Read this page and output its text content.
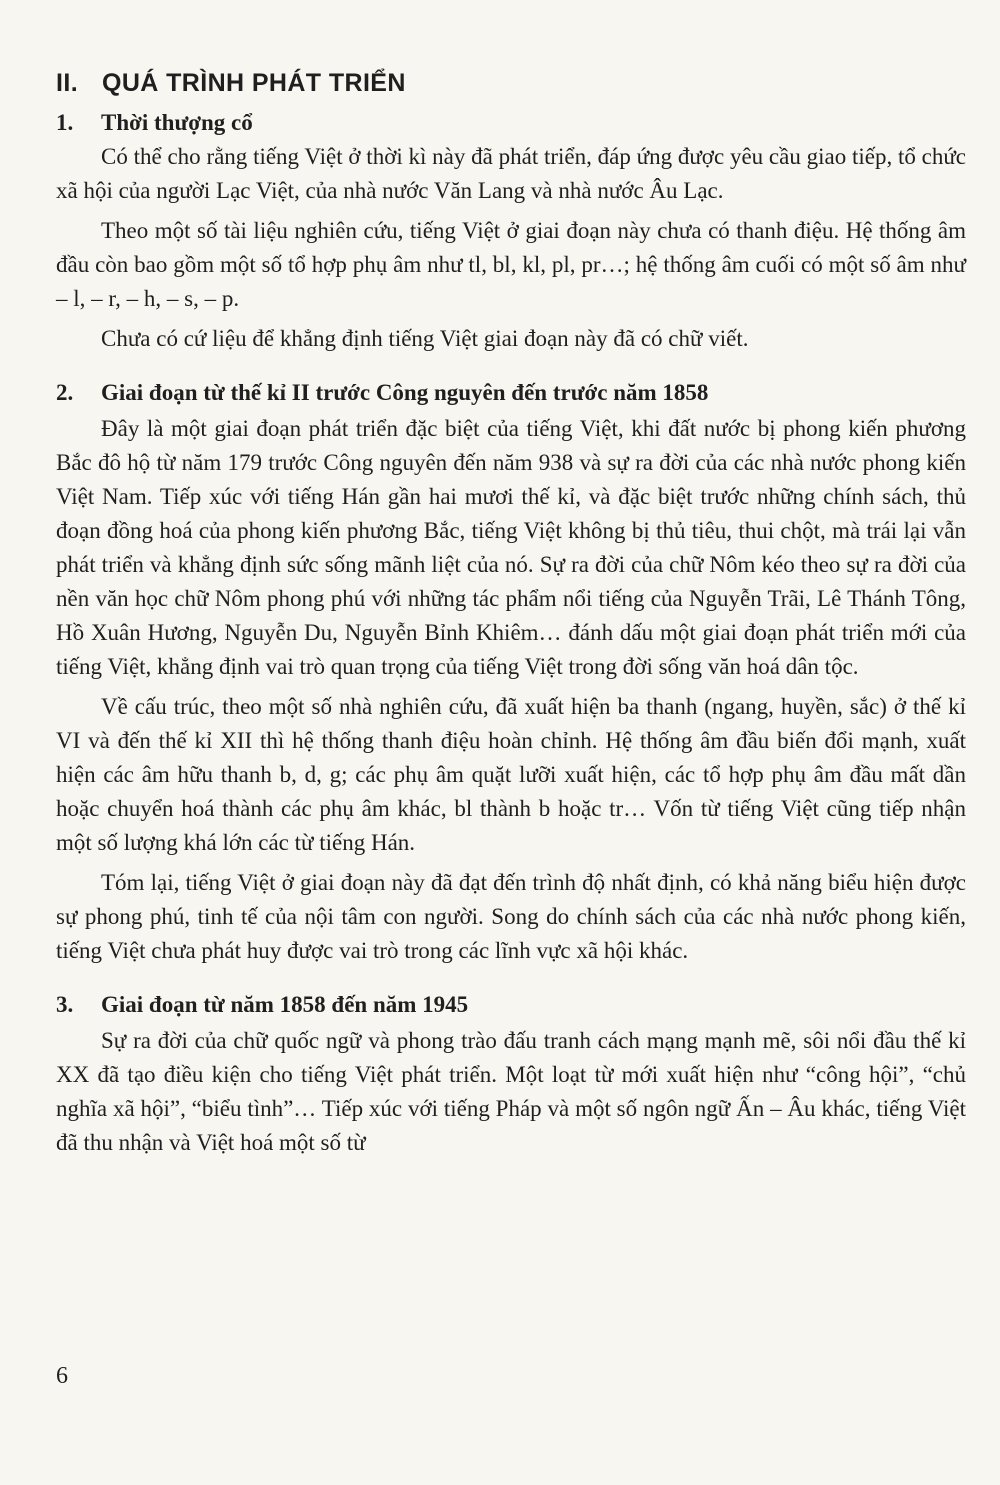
II. QUÁ TRÌNH PHÁT TRIỂN
1. Thời thượng cổ

Có thể cho rằng tiếng Việt ở thời kì này đã phát triển, đáp ứng được yêu cầu giao tiếp, tổ chức xã hội của người Lạc Việt, của nhà nước Văn Lang và nhà nước Âu Lạc.

Theo một số tài liệu nghiên cứu, tiếng Việt ở giai đoạn này chưa có thanh điệu. Hệ thống âm đầu còn bao gồm một số tổ hợp phụ âm như tl, bl, kl, pl, pr…; hệ thống âm cuối có một số âm như – l, – r, – h, – s, – p.

Chưa có cứ liệu để khẳng định tiếng Việt giai đoạn này đã có chữ viết.

2. Giai đoạn từ thế kỉ II trước Công nguyên đến trước năm 1858

Đây là một giai đoạn phát triển đặc biệt của tiếng Việt, khi đất nước bị phong kiến phương Bắc đô hộ từ năm 179 trước Công nguyên đến năm 938 và sự ra đời của các nhà nước phong kiến Việt Nam. Tiếp xúc với tiếng Hán gần hai mươi thế kỉ, và đặc biệt trước những chính sách, thủ đoạn đồng hoá của phong kiến phương Bắc, tiếng Việt không bị thủ tiêu, thui chột, mà trái lại vẫn phát triển và khẳng định sức sống mãnh liệt của nó. Sự ra đời của chữ Nôm kéo theo sự ra đời của nền văn học chữ Nôm phong phú với những tác phẩm nổi tiếng của Nguyễn Trãi, Lê Thánh Tông, Hồ Xuân Hương, Nguyễn Du, Nguyễn Bỉnh Khiêm… đánh dấu một giai đoạn phát triển mới của tiếng Việt, khẳng định vai trò quan trọng của tiếng Việt trong đời sống văn hoá dân tộc.

Về cấu trúc, theo một số nhà nghiên cứu, đã xuất hiện ba thanh (ngang, huyền, sắc) ở thế kỉ VI và đến thế kỉ XII thì hệ thống thanh điệu hoàn chỉnh. Hệ thống âm đầu biến đổi mạnh, xuất hiện các âm hữu thanh b, d, g; các phụ âm quặt lưỡi xuất hiện, các tổ hợp phụ âm đầu mất dần hoặc chuyển hoá thành các phụ âm khác, bl thành b hoặc tr… Vốn từ tiếng Việt cũng tiếp nhận một số lượng khá lớn các từ tiếng Hán.

Tóm lại, tiếng Việt ở giai đoạn này đã đạt đến trình độ nhất định, có khả năng biểu hiện được sự phong phú, tinh tế của nội tâm con người. Song do chính sách của các nhà nước phong kiến, tiếng Việt chưa phát huy được vai trò trong các lĩnh vực xã hội khác.

3. Giai đoạn từ năm 1858 đến năm 1945

Sự ra đời của chữ quốc ngữ và phong trào đấu tranh cách mạng mạnh mẽ, sôi nổi đầu thế kỉ XX đã tạo điều kiện cho tiếng Việt phát triển. Một loạt từ mới xuất hiện như “công hội”, “chủ nghĩa xã hội”, “biểu tình”… Tiếp xúc với tiếng Pháp và một số ngôn ngữ Ấn – Âu khác, tiếng Việt đã thu nhận và Việt hoá một số từ

6
